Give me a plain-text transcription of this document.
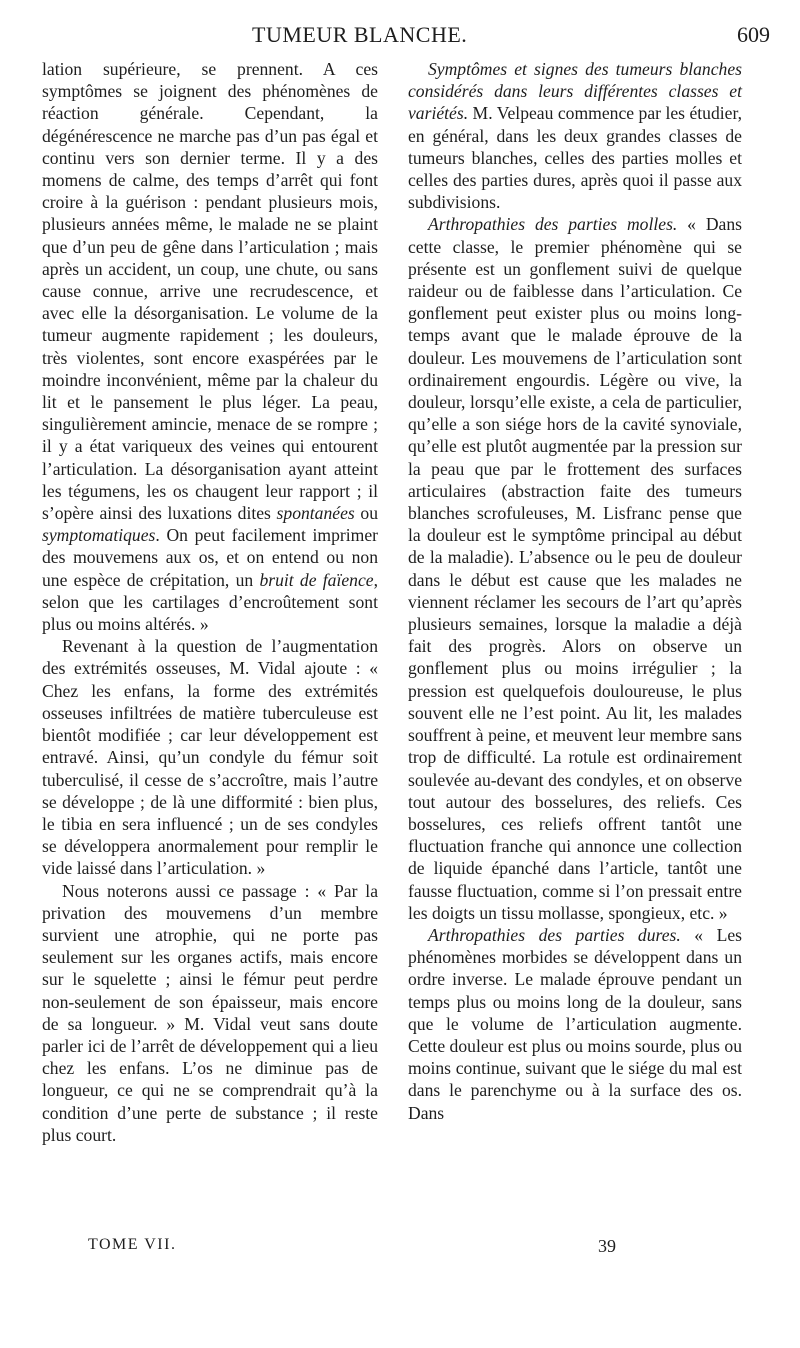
TUMEUR BLANCHE.	609

lation supérieure, se prennent. A ces symptômes se joignent des phénomènes de réaction générale. Cependant, la dégénérescence ne marche pas d’un pas égal et continu vers son dernier terme. Il y a des momens de calme, des temps d’arrêt qui font croire à la guérison : pendant plusieurs mois, plusieurs années même, le malade ne se plaint que d’un peu de gêne dans l’articulation ; mais après un accident, un coup, une chute, ou sans cause connue, arrive une recrudescence, et avec elle la désorganisation. Le volume de la tumeur augmente rapidement ; les douleurs, très violentes, sont encore exaspérées par le moindre inconvénient, même par la chaleur du lit et le pansement le plus léger. La peau, singulièrement amincie, menace de se rompre ; il y a état variqueux des veines qui entourent l’articulation. La désorganisation ayant atteint les tégumens, les os chaugent leur rapport ; il s’opère ainsi des luxations dites spontanées ou symptomatiques. On peut facilement imprimer des mouvemens aux os, et on entend ou non une espèce de crépitation, un bruit de faïence, selon que les cartilages d’encroûtement sont plus ou moins altérés. »

Revenant à la question de l’augmentation des extrémités osseuses, M. Vidal ajoute : « Chez les enfans, la forme des extrémités osseuses infiltrées de matière tuberculeuse est bientôt modifiée ; car leur développement est entravé. Ainsi, qu’un condyle du fémur soit tuberculisé, il cesse de s’accroître, mais l’autre se développe ; de là une difformité : bien plus, le tibia en sera influencé ; un de ses condyles se développera anormalement pour remplir le vide laissé dans l’articulation. »

Nous noterons aussi ce passage : « Par la privation des mouvemens d’un membre survient une atrophie, qui ne porte pas seulement sur les organes actifs, mais encore sur le squelette ; ainsi le fémur peut perdre non-seulement de son épaisseur, mais encore de sa longueur. » M. Vidal veut sans doute parler ici de l’arrêt de développement qui a lieu chez les enfans. L’os ne diminue pas de longueur, ce qui ne se comprendrait qu’à la condition d’une perte de substance ; il reste plus court.

Symptômes et signes des tumeurs blanches considérés dans leurs différentes classes et variétés. M. Velpeau commence par les étudier, en général, dans les deux grandes classes de tumeurs blanches, celles des parties molles et celles des parties dures, après quoi il passe aux subdivisions.

Arthropathies des parties molles. « Dans cette classe, le premier phénomène qui se présente est un gonflement suivi de quelque raideur ou de faiblesse dans l’articulation. Ce gonflement peut exister plus ou moins long-temps avant que le malade éprouve de la douleur. Les mouvemens de l’articulation sont ordinairement engourdis. Légère ou vive, la douleur, lorsqu’elle existe, a cela de particulier, qu’elle a son siége hors de la cavité synoviale, qu’elle est plutôt augmentée par la pression sur la peau que par le frottement des surfaces articulaires (abstraction faite des tumeurs blanches scrofuleuses, M. Lisfranc pense que la douleur est le symptôme principal au début de la maladie). L’absence ou le peu de douleur dans le début est cause que les malades ne viennent réclamer les secours de l’art qu’après plusieurs semaines, lorsque la maladie a déjà fait des progrès. Alors on observe un gonflement plus ou moins irrégulier ; la pression est quelquefois douloureuse, le plus souvent elle ne l’est point. Au lit, les malades souffrent à peine, et meuvent leur membre sans trop de difficulté. La rotule est ordinairement soulevée au-devant des condyles, et on observe tout autour des bosselures, des reliefs. Ces bosselures, ces reliefs offrent tantôt une fluctuation franche qui annonce une collection de liquide épanché dans l’article, tantôt une fausse fluctuation, comme si l’on pressait entre les doigts un tissu mollasse, spongieux, etc. »

Arthropathies des parties dures. « Les phénomènes morbides se développent dans un ordre inverse. Le malade éprouve pendant un temps plus ou moins long de la douleur, sans que le volume de l’articulation augmente. Cette douleur est plus ou moins sourde, plus ou moins continue, suivant que le siége du mal est dans le parenchyme ou à la surface des os. Dans

TOME VII.	39
